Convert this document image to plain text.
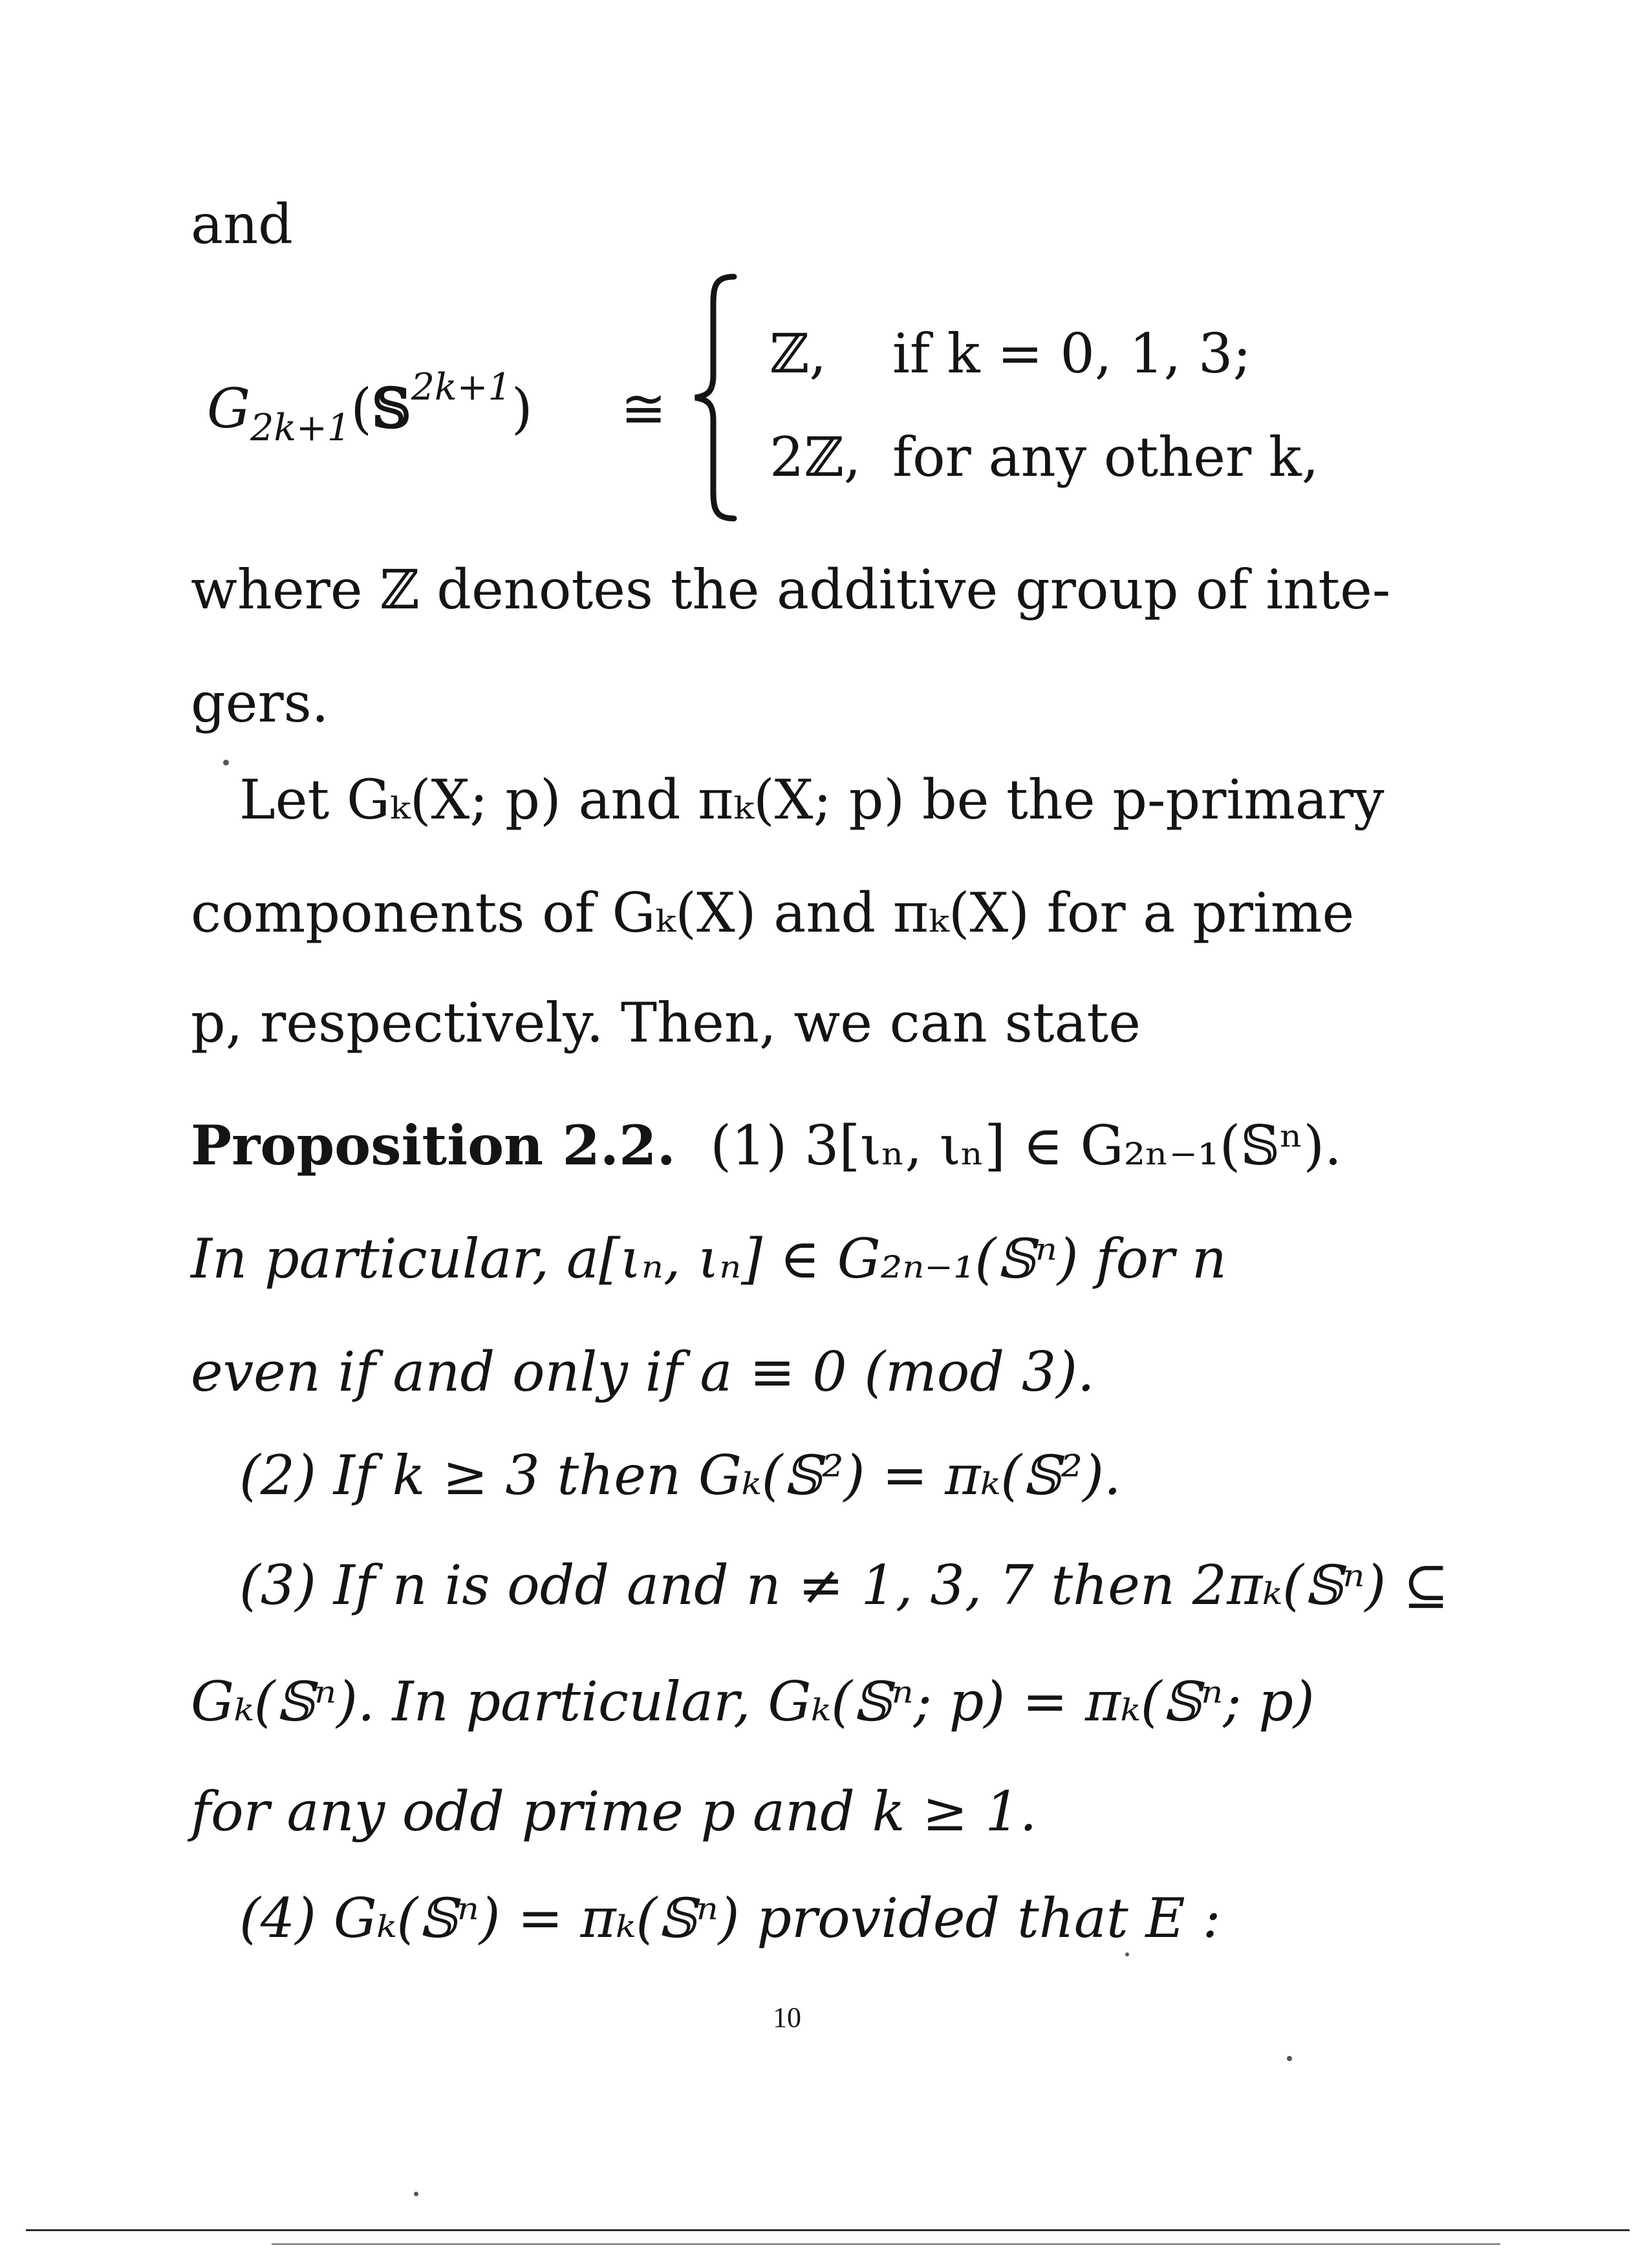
and
$G_{2k+1}(𝕊^{2k+1})$ ≅
ℤ, if k = 0, 1, 3;
2ℤ, for any other k,
where ℤ denotes the additive group of inte-
gers.
Let Gₖ(X; p) and πₖ(X; p) be the p-primary
components of Gₖ(X) and πₖ(X) for a prime
p, respectively. Then, we can state
Proposition 2.2. (1) 3[ιₙ, ιₙ] ∈ G₂ₙ₋₁(𝕊ⁿ).
In particular, a[ιₙ, ιₙ] ∈ G₂ₙ₋₁(𝕊ⁿ) for n
even if and only if a ≡ 0 (mod 3).
(2) If k ≥ 3 then Gₖ(𝕊²) = πₖ(𝕊²).
(3) If n is odd and n ≠ 1, 3, 7 then 2πₖ(𝕊ⁿ) ⊆
Gₖ(𝕊ⁿ). In particular, Gₖ(𝕊ⁿ; p) = πₖ(𝕊ⁿ; p)
for any odd prime p and k ≥ 1.
(4) Gₖ(𝕊ⁿ) = πₖ(𝕊ⁿ) provided that E :
10
